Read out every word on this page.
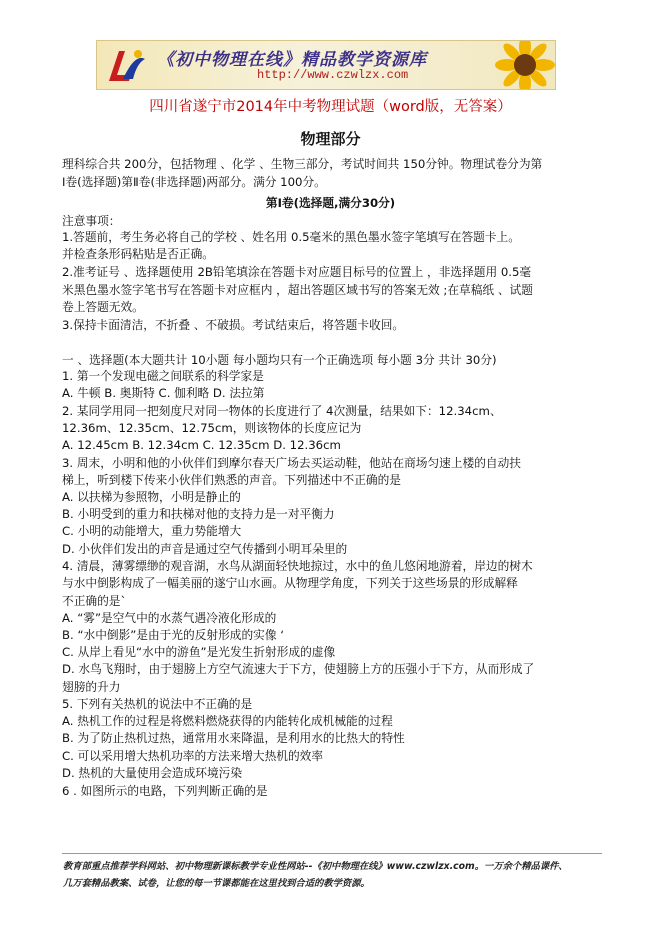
《初中物理在线》精品教学资源库
http://www.czwlzx.com
四川省遂宁市2014年中考物理试题（word版，无答案）
物理部分
理科综合共 200分，包括物理 、化学 、生物三部分，考试时间共 150分钟。物理试卷分为第
Ⅰ卷(选择题)第Ⅱ卷(非选择题)两部分。满分 100分。
第Ⅰ卷(选择题,满分30分)
注意事项：
1.答题前，考生务必将自己的学校 、姓名用 0.5毫米的黑色墨水签字笔填写在答题卡上。
并检查条形码粘贴是否正确。
2.准考证号 、选择题使用 2B铅笔填涂在答题卡对应题目标号的位置上 ，非选择题用 0.5毫
米黑色墨水签字笔书写在答题卡对应框内 ，超出答题区域书写的答案无效 ;在草稿纸 、试题
卷上答题无效。
3.保持卡面清洁，不折叠 、不破损。考试结束后，将答题卡收回。
一 、选择题(本大题共计 10小题 每小题均只有一个正确选项 每小题 3分 共计 30分)
1. 第一个发现电磁之间联系的科学家是
A. 牛顿 B. 奥斯特 C. 伽利略 D. 法拉第
2. 某同学用同一把刻度尺对同一物体的长度进行了 4次测量，结果如下：12.34cm、
12.36m、12.35cm、12.75cm，则该物体的长度应记为
A. 12.45cm B. 12.34cm C. 12.35cm D. 12.36cm
3. 周末，小明和他的小伙伴们到摩尔春天广场去买运动鞋，他站在商场匀速上楼的自动扶
梯上，听到楼下传来小伙伴们熟悉的声音。下列描述中不正确的是
A. 以扶梯为参照物，小明是静止的
B. 小明受到的重力和扶梯对他的支持力是一对平衡力
C. 小明的动能增大，重力势能增大
D. 小伙伴们发出的声音是通过空气传播到小明耳朵里的
4. 清晨，薄雾缥缈的观音湖，水鸟从湖面轻快地掠过，水中的鱼儿悠闲地游着，岸边的树木
与水中倒影构成了一幅美丽的遂宁山水画。从物理学角度，下列关于这些场景的形成解释
不正确的是`
A. “雾”是空气中的水蒸气遇冷液化形成的
B. “水中倒影”是由于光的反射形成的实像 ‘
C. 从岸上看见“水中的游鱼”是光发生折射形成的虚像
D. 水鸟飞翔时，由于翅膀上方空气流速大于下方，使翅膀上方的压强小于下方，从而形成了
翅膀的升力
5. 下列有关热机的说法中不正确的是
A. 热机工作的过程是将燃料燃烧获得的内能转化成机械能的过程
B. 为了防止热机过热，通常用水来降温，是利用水的比热大的特性
C. 可以采用增大热机功率的方法来增大热机的效率
D. 热机的大量使用会造成环境污染
6 . 如图所示的电路，下列判断正确的是
教育部重点推荐学科网站、初中物理新课标教学专业性网站--《初中物理在线》www.czwlzx.com。一万余个精品课件、
几万套精品教案、试卷，让您的每一节课都能在这里找到合适的教学资源。
